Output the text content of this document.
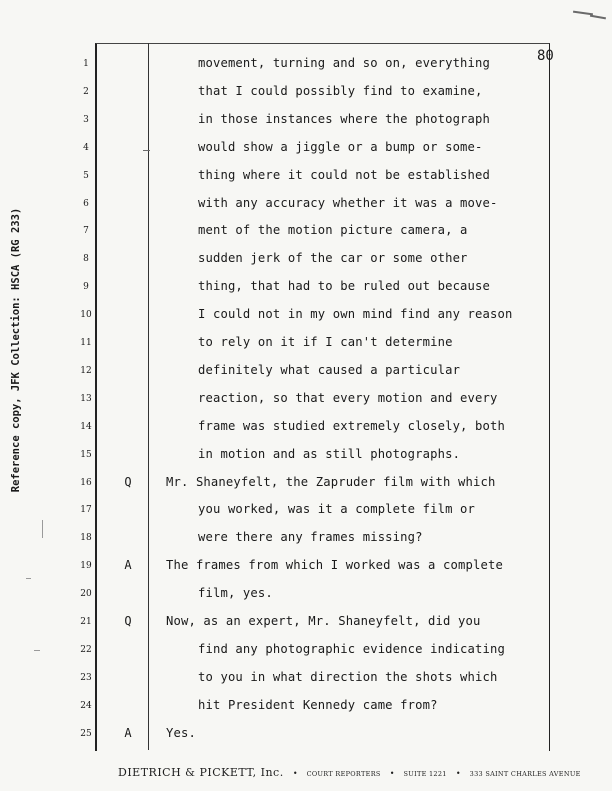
80
Reference copy, JFK Collection: HSCA (RG 233)
1	movement, turning and so on, everything
2	that I could possibly find to examine,
3	in those instances where the photograph
4	would show a jiggle or a bump or some-
5	thing where it could not be established
6	with any accuracy whether it was a move-
7	ment of the motion picture camera, a
8	sudden jerk of the car or some other
9	thing, that had to be ruled out because
10	I could not in my own mind find any reason
11	to rely on it if I can't determine
12	definitely what caused a particular
13	reaction, so that every motion and every
14	frame was studied extremely closely, both
15	in motion and as still photographs.
16	Q	Mr. Shaneyfelt, the Zapruder film with which
17	you worked, was it a complete film or
18	were there any frames missing?
19	A	The frames from which I worked was a complete
20	film, yes.
21	Q	Now, as an expert, Mr. Shaneyfelt, did you
22	find any photographic evidence indicating
23	to you in what direction the shots which
24	hit President Kennedy came from?
25	A	Yes.
DIETRICH & PICKETT, Inc. • COURT REPORTERS • SUITE 1221 • 333 SAINT CHARLES AVENUE
